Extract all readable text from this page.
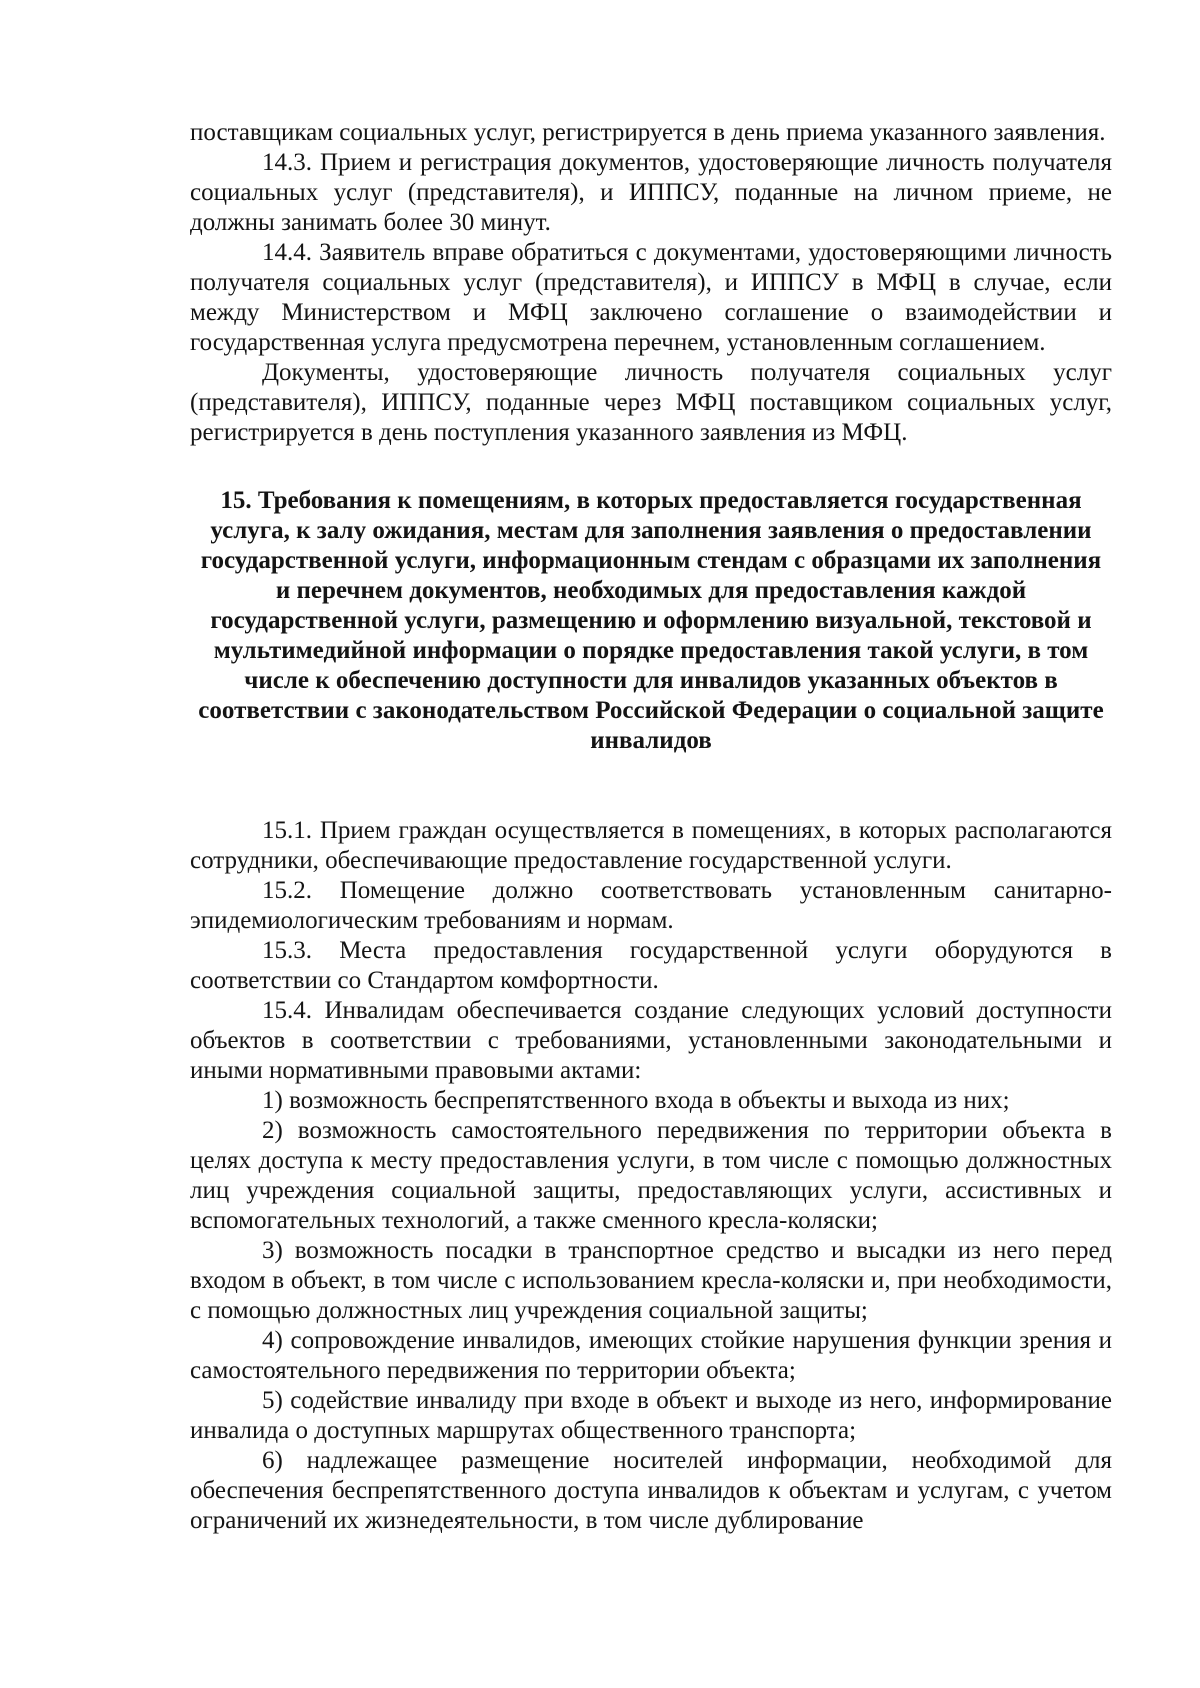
поставщикам социальных услуг, регистрируется в день приема указанного заявления.

14.3. Прием и регистрация документов, удостоверяющие личность получателя социальных услуг (представителя), и ИППСУ, поданные на личном приеме, не должны занимать более 30 минут.

14.4. Заявитель вправе обратиться с документами, удостоверяющими личность получателя социальных услуг (представителя), и ИППСУ в МФЦ в случае, если между Министерством и МФЦ заключено соглашение о взаимодействии и государственная услуга предусмотрена перечнем, установленным соглашением.

Документы, удостоверяющие личность получателя социальных услуг (представителя), ИППСУ, поданные через МФЦ поставщиком социальных услуг, регистрируется в день поступления указанного заявления из МФЦ.

15. Требования к помещениям, в которых предоставляется государственная услуга, к залу ожидания, местам для заполнения заявления о предоставлении государственной услуги, информационным стендам с образцами их заполнения и перечнем документов, необходимых для предоставления каждой государственной услуги, размещению и оформлению визуальной, текстовой и мультимедийной информации о порядке предоставления такой услуги, в том числе к обеспечению доступности для инвалидов указанных объектов в соответствии с законодательством Российской Федерации о социальной защите инвалидов

15.1. Прием граждан осуществляется в помещениях, в которых располагаются сотрудники, обеспечивающие предоставление государственной услуги.

15.2. Помещение должно соответствовать установленным санитарно-эпидемиологическим требованиям и нормам.

15.3. Места предоставления государственной услуги оборудуются в соответствии со Стандартом комфортности.

15.4. Инвалидам обеспечивается создание следующих условий доступности объектов в соответствии с требованиями, установленными законодательными и иными нормативными правовыми актами:

1) возможность беспрепятственного входа в объекты и выхода из них;

2) возможность самостоятельного передвижения по территории объекта в целях доступа к месту предоставления услуги, в том числе с помощью должностных лиц учреждения социальной защиты, предоставляющих услуги, ассистивных и вспомогательных технологий, а также сменного кресла-коляски;

3) возможность посадки в транспортное средство и высадки из него перед входом в объект, в том числе с использованием кресла-коляски и, при необходимости, с помощью должностных лиц учреждения социальной защиты;

4) сопровождение инвалидов, имеющих стойкие нарушения функции зрения и самостоятельного передвижения по территории объекта;

5) содействие инвалиду при входе в объект и выходе из него, информирование инвалида о доступных маршрутах общественного транспорта;

6) надлежащее размещение носителей информации, необходимой для обеспечения беспрепятственного доступа инвалидов к объектам и услугам, с учетом ограничений их жизнедеятельности, в том числе дублирование
